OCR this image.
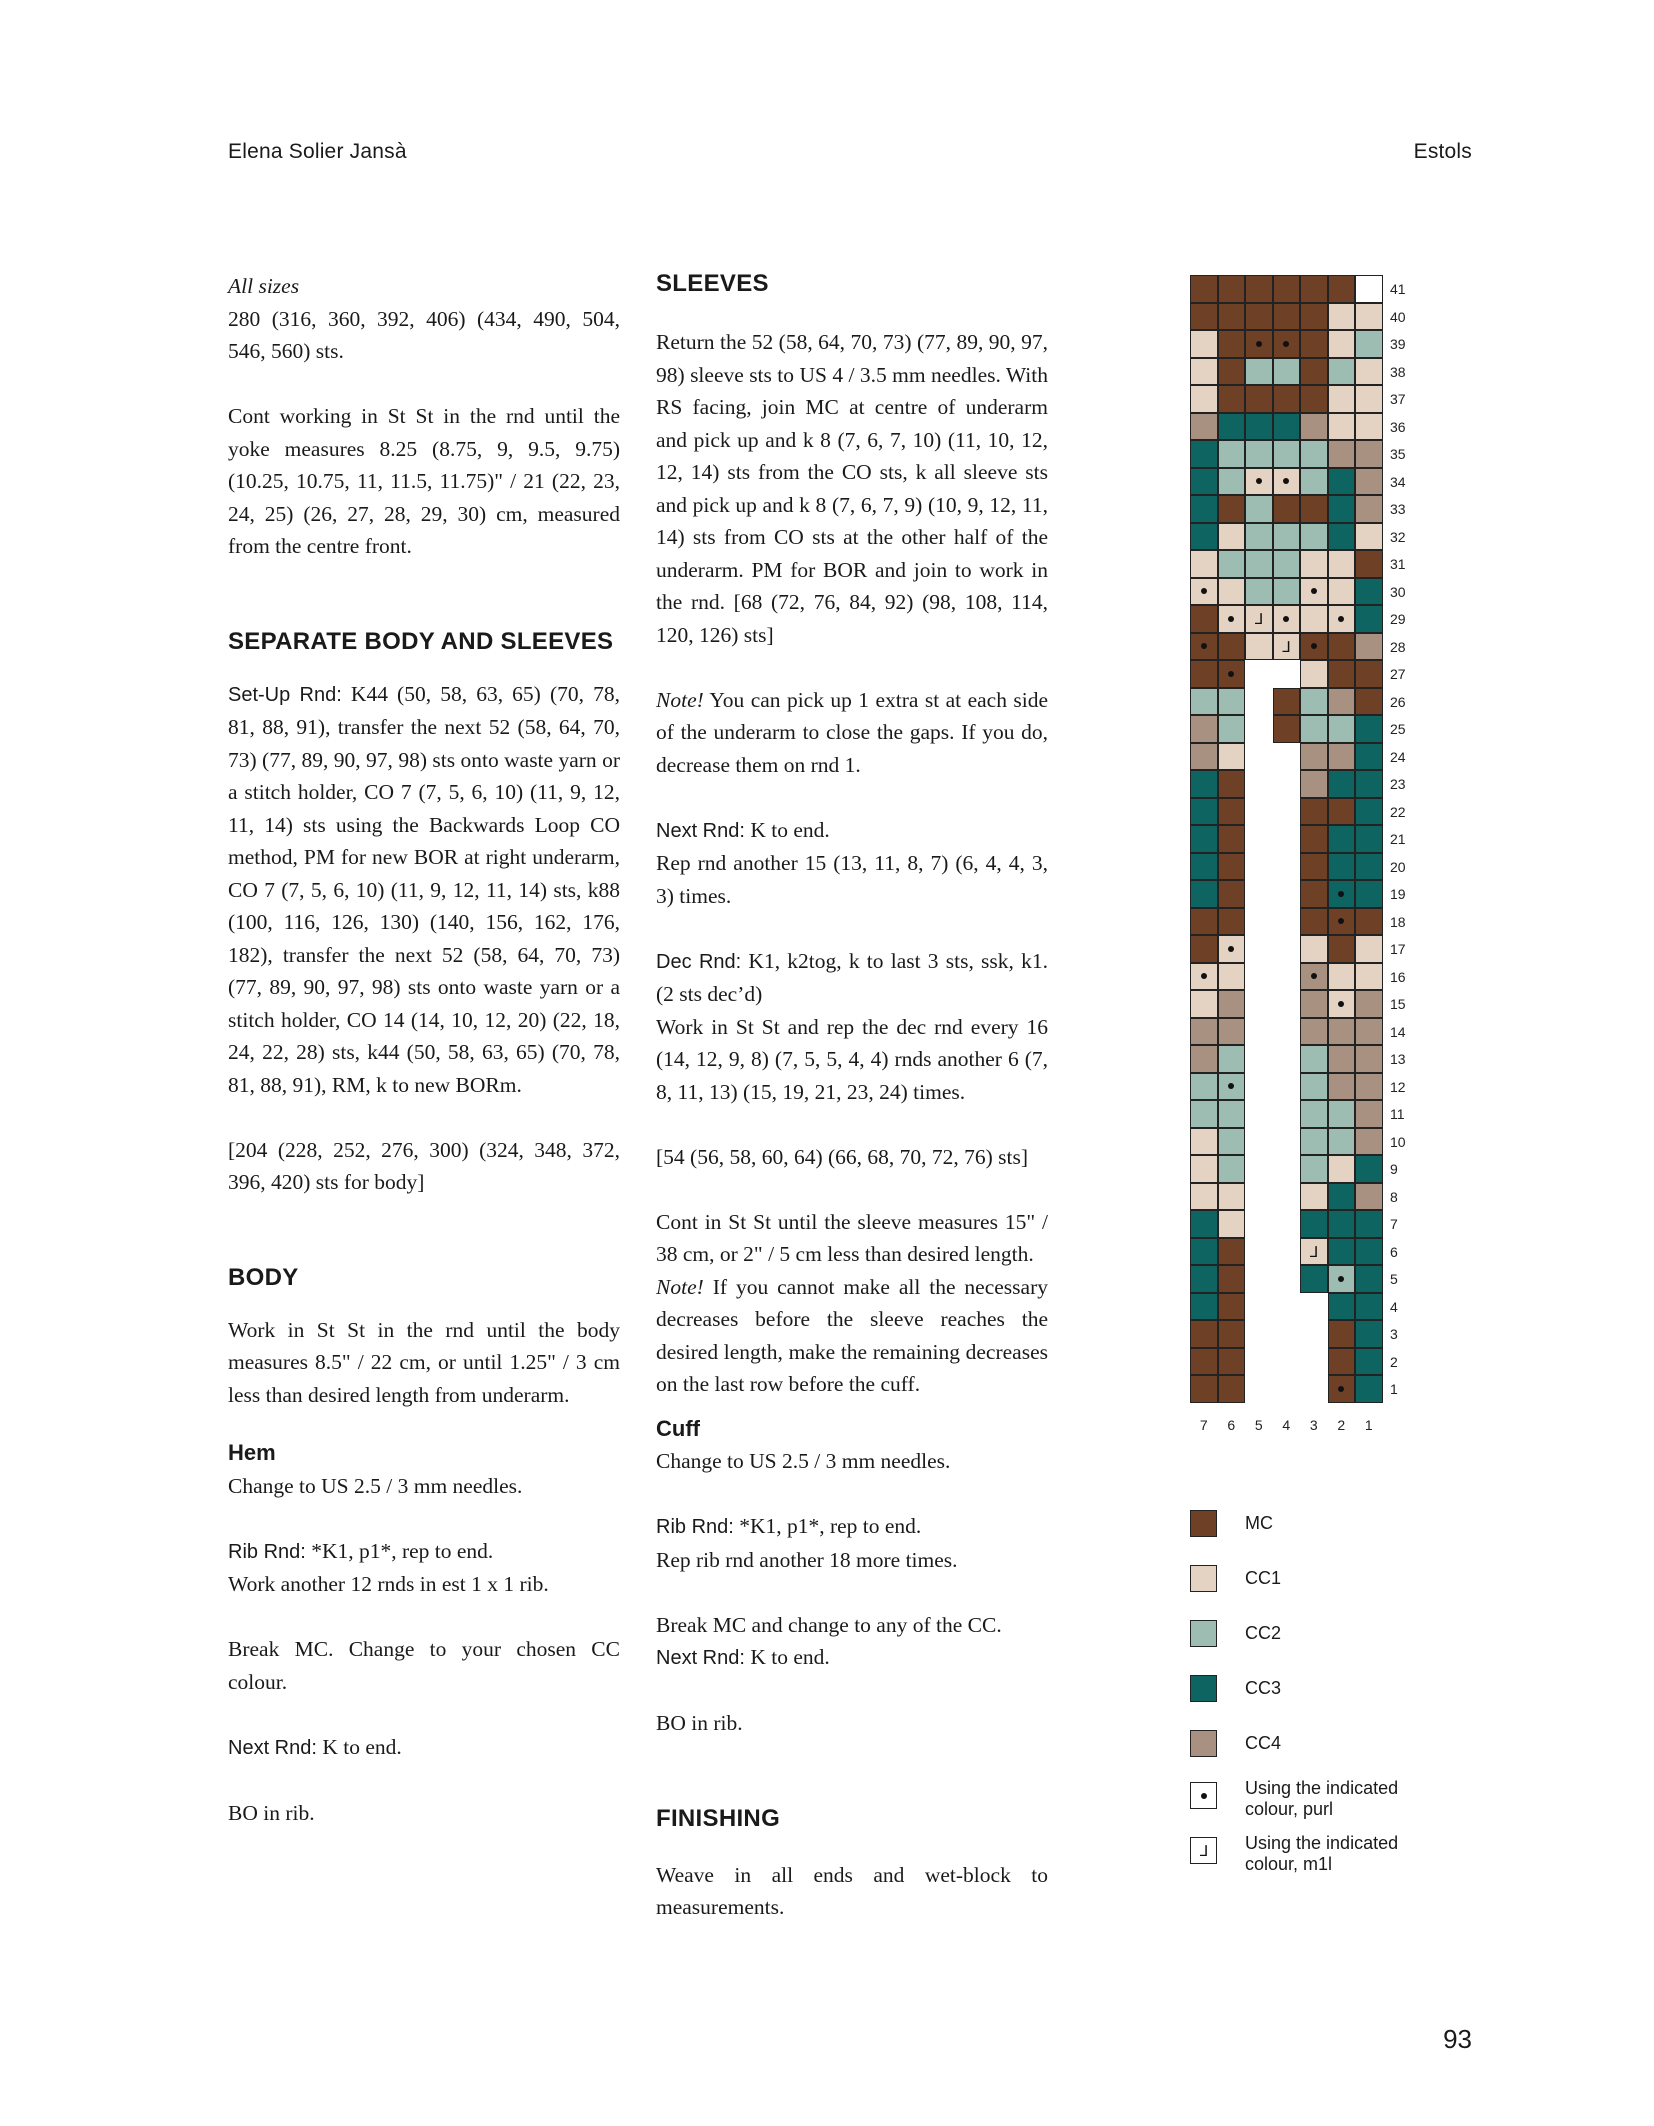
Elena Solier Jansà	Estols

All sizes

280 (316, 360, 392, 406) (434, 490, 504, 546, 560) sts.

Cont working in St St in the rnd until the yoke measures 8.25 (8.75, 9, 9.5, 9.75) (10.25, 10.75, 11, 11.5, 11.75)" / 21 (22, 23, 24, 25) (26, 27, 28, 29, 30) cm, measured from the centre front.

SEPARATE BODY AND SLEEVES

Set-Up Rnd: K44 (50, 58, 63, 65) (70, 78, 81, 88, 91), transfer the next 52 (58, 64, 70, 73) (77, 89, 90, 97, 98) sts onto waste yarn or a stitch holder, CO 7 (7, 5, 6, 10) (11, 9, 12, 11, 14) sts using the Backwards Loop CO method, PM for new BOR at right underarm, CO 7 (7, 5, 6, 10) (11, 9, 12, 11, 14) sts, k88 (100, 116, 126, 130) (140, 156, 162, 176, 182), transfer the next 52 (58, 64, 70, 73) (77, 89, 90, 97, 98) sts onto waste yarn or a stitch holder, CO 14 (14, 10, 12, 20) (22, 18, 24, 22, 28) sts, k44 (50, 58, 63, 65) (70, 78, 81, 88, 91), RM, k to new BORm.

[204 (228, 252, 276, 300) (324, 348, 372, 396, 420) sts for body]

BODY

Work in St St in the rnd until the body measures 8.5" / 22 cm, or until 1.25" / 3 cm less than desired length from underarm.

Hem

Change to US 2.5 / 3 mm needles.

Rib Rnd: *K1, p1*, rep to end.

Work another 12 rnds in est 1 x 1 rib.

Break MC. Change to your chosen CC colour.

Next Rnd: K to end.

BO in rib.

SLEEVES

Return the 52 (58, 64, 70, 73) (77, 89, 90, 97, 98) sleeve sts to US 4 / 3.5 mm needles. With RS facing, join MC at centre of underarm and pick up and k 8 (7, 6, 7, 10) (11, 10, 12, 12, 14) sts from the CO sts, k all sleeve sts and pick up and k 8 (7, 6, 7, 9) (10, 9, 12, 11, 14) sts from CO sts at the other half of the underarm. PM for BOR and join to work in the rnd. [68 (72, 76, 84, 92) (98, 108, 114, 120, 126) sts]

Note! You can pick up 1 extra st at each side of the underarm to close the gaps. If you do, decrease them on rnd 1.

Next Rnd: K to end.

Rep rnd another 15 (13, 11, 8, 7) (6, 4, 4, 3, 3) times.

Dec Rnd: K1, k2tog, k to last 3 sts, ssk, k1. (2 sts dec’d)

Work in St St and rep the dec rnd every 16 (14, 12, 9, 8) (7, 5, 5, 4, 4) rnds another 6 (7, 8, 11, 13) (15, 19, 21, 23, 24) times.

[54 (56, 58, 60, 64) (66, 68, 70, 72, 76) sts]

Cont in St St until the sleeve measures 15" / 38 cm, or 2" / 5 cm less than desired length.

Note! If you cannot make all the necessary decreases before the sleeve reaches the desired length, make the remaining decreases on the last row before the cuff.

Cuff

Change to US 2.5 / 3 mm needles.

Rib Rnd: *K1, p1*, rep to end.

Rep rib rnd another 18 more times.

Break MC and change to any of the CC.

Next Rnd: K to end.

BO in rib.

FINISHING

Weave in all ends and wet-block to measurements.

⅃
⅃
⅃
41
40
39
38
37
36
35
34
33
32
31
30
29
28
27
26
25
24
23
22
21
20
19
18
17
16
15
14
13
12
11
10
9
8
7
6
5
4
3
2
1
7	6	5	4	3	2	1
MC
CC1
CC2
CC3
CC4
Using the indicated colour, purl
⅃ Using the indicated colour, m1l
93
